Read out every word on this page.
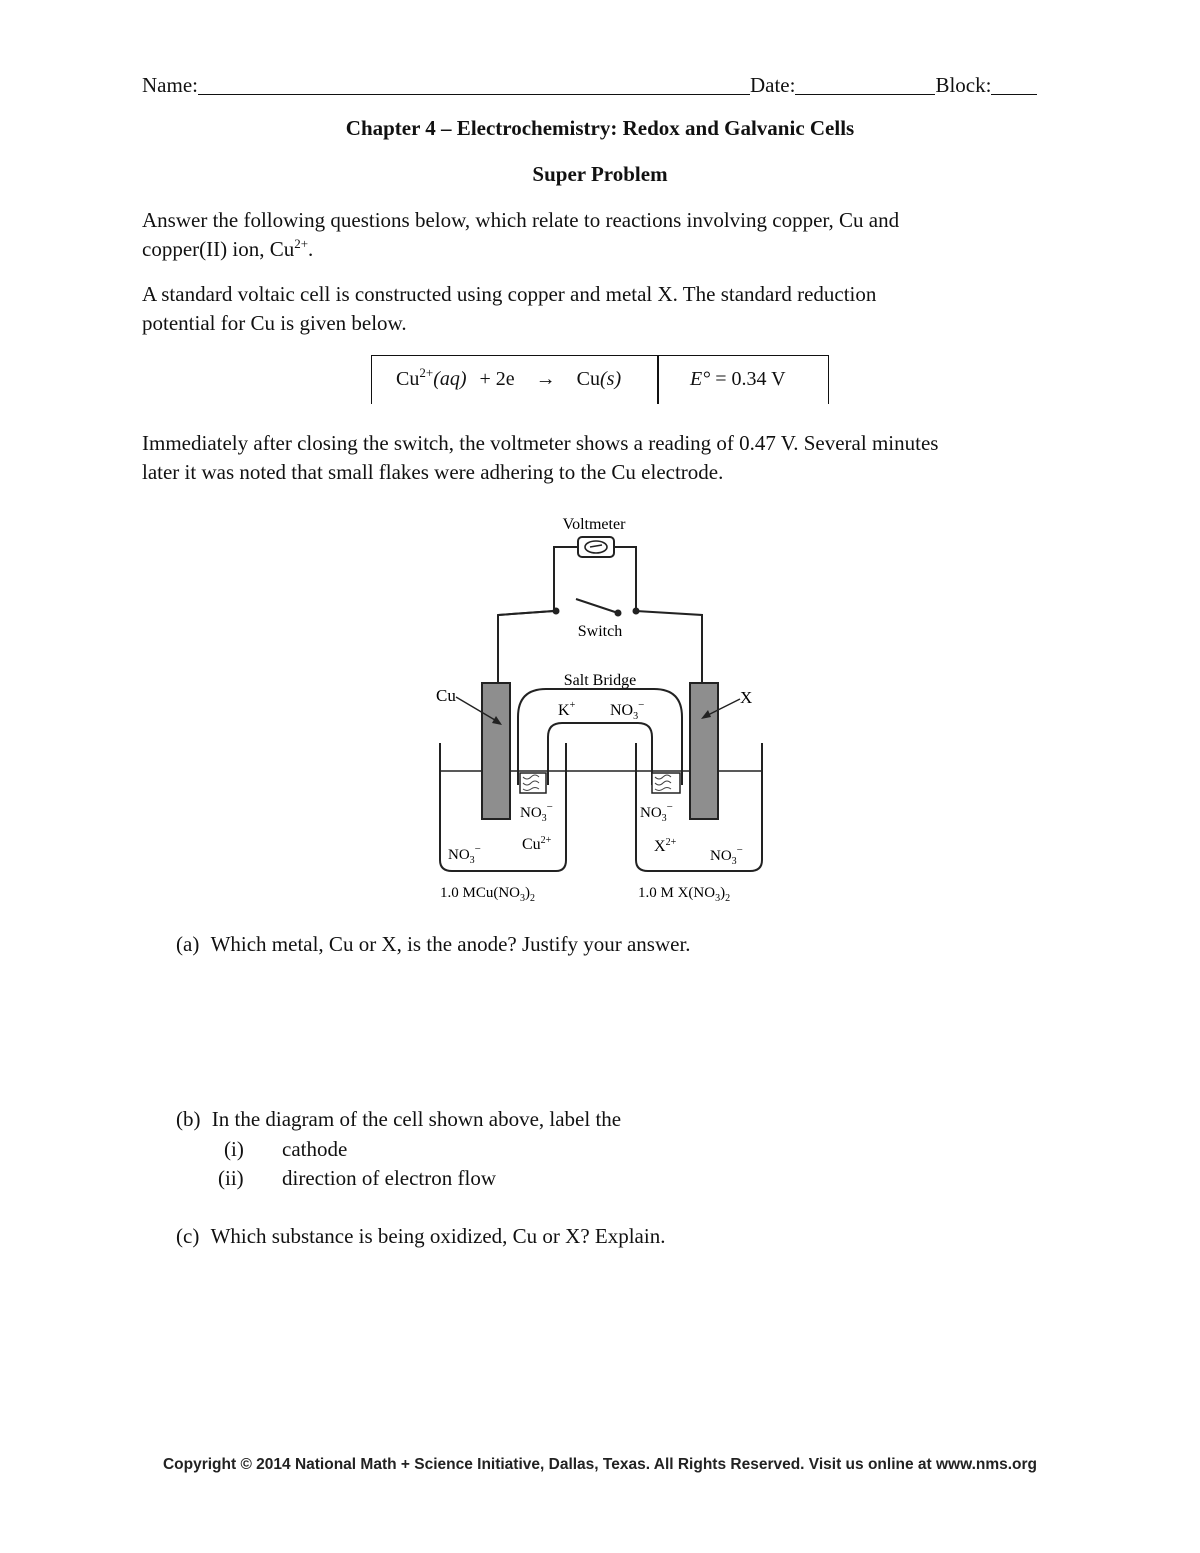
Name:	Date:	Block:
Chapter 4 – Electrochemistry: Redox and Galvanic Cells
Super Problem
Answer the following questions below, which relate to reactions involving copper, Cu and
copper(II) ion, $Cu^{2+}$.
A standard voltaic cell is constructed using copper and metal X. The standard reduction
potential for Cu is given below.
$Cu^{2+}(aq) + 2e \to Cu(s)$	E° = 0.34 V
Immediately after closing the switch, the voltmeter shows a reading of 0.47 V. Several minutes
later it was noted that small flakes were adhering to the Cu electrode.
Voltmeter
Switch
Salt Bridge
K+ $NO_3^-$
Cu	X
$NO_3^-$
$Cu^{2+}$
$NO_3^-$
$NO_3^-$
$X^{2+}$
$NO_3^-$
1.0 $MCu(NO_3)_2$	1.0 M $X(NO_3)_2$
(a) Which metal, Cu or X, is the anode? Justify your answer.
(b) In the diagram of the cell shown above, label the
(i) cathode
(ii) direction of electron flow
(c) Which substance is being oxidized, Cu or X? Explain.
Copyright © 2014 National Math + Science Initiative, Dallas, Texas. All Rights Reserved. Visit us online at www.nms.org
